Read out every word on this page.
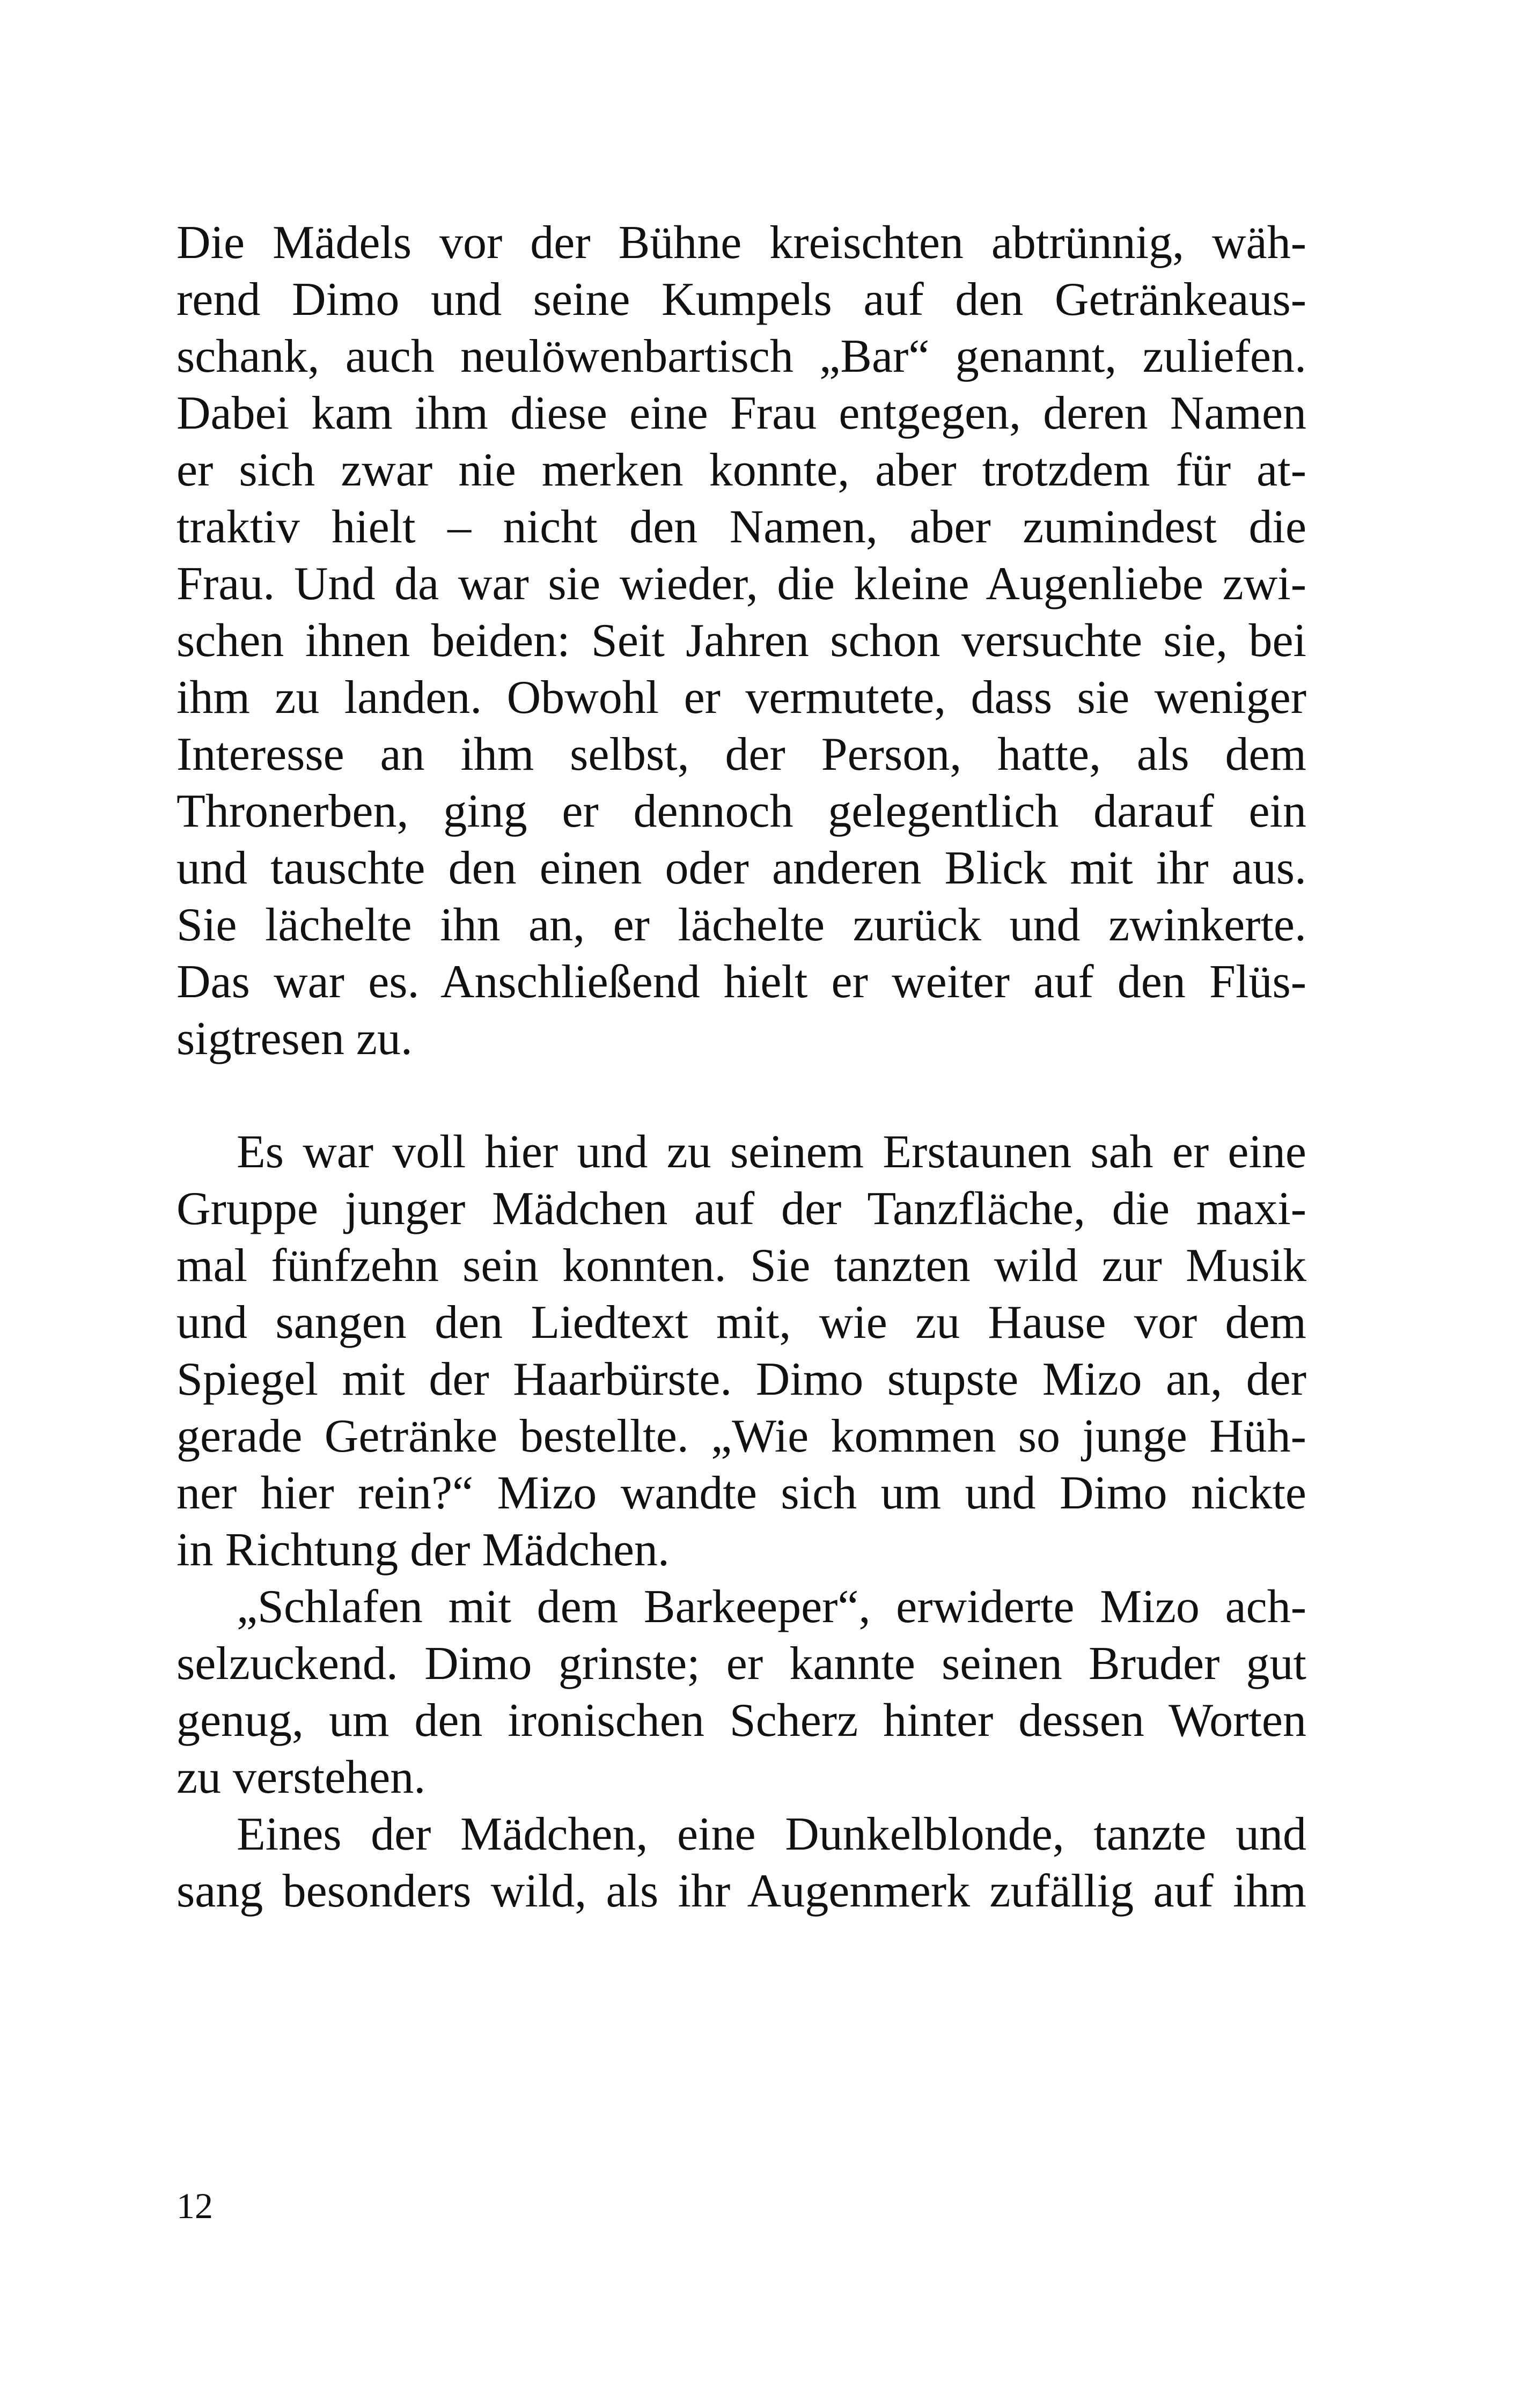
Die Mädels vor der Bühne kreischten abtrünnig, wäh-
rend Dimo und seine Kumpels auf den Getränkeaus-
schank, auch neulöwenbartisch „Bar“ genannt, zuliefen.
Dabei kam ihm diese eine Frau entgegen, deren Namen
er sich zwar nie merken konnte, aber trotzdem für at-
traktiv hielt – nicht den Namen, aber zumindest die
Frau. Und da war sie wieder, die kleine Augenliebe zwi-
schen ihnen beiden: Seit Jahren schon versuchte sie, bei
ihm zu landen. Obwohl er vermutete, dass sie weniger
Interesse an ihm selbst, der Person, hatte, als dem
Thronerben, ging er dennoch gelegentlich darauf ein
und tauschte den einen oder anderen Blick mit ihr aus.
Sie lächelte ihn an, er lächelte zurück und zwinkerte.
Das war es. Anschließend hielt er weiter auf den Flüs-
sigtresen zu.
Es war voll hier und zu seinem Erstaunen sah er eine
Gruppe junger Mädchen auf der Tanzfläche, die maxi-
mal fünfzehn sein konnten. Sie tanzten wild zur Musik
und sangen den Liedtext mit, wie zu Hause vor dem
Spiegel mit der Haarbürste. Dimo stupste Mizo an, der
gerade Getränke bestellte. „Wie kommen so junge Hüh-
ner hier rein?“ Mizo wandte sich um und Dimo nickte
in Richtung der Mädchen.
„Schlafen mit dem Barkeeper“, erwiderte Mizo ach-
selzuckend. Dimo grinste; er kannte seinen Bruder gut
genug, um den ironischen Scherz hinter dessen Worten
zu verstehen.
Eines der Mädchen, eine Dunkelblonde, tanzte und
sang besonders wild, als ihr Augenmerk zufällig auf ihm
12
